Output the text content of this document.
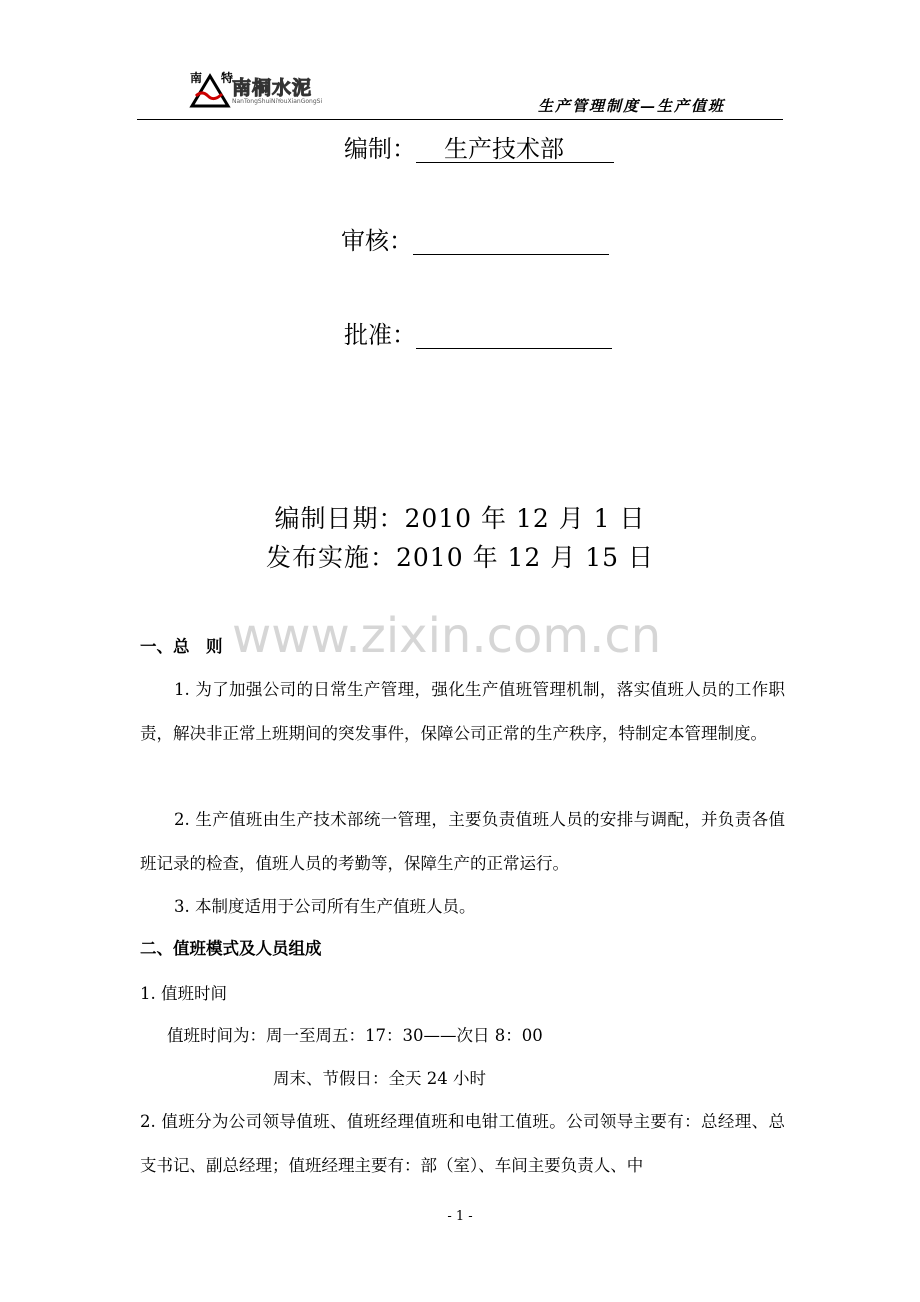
南 特
南桐水泥
NanTongShuiNiYouXianGongSi	生产管理制度—生产值班
编制： 生产技术部
审核：
批准：
编制日期：2010 年 12 月 1 日
发布实施：2010 年 12 月 15 日
www.zixin.com.cn
一、总　则
1. 为了加强公司的日常生产管理，强化生产值班管理机制，落实值班人员的工作职责，解决非正常上班期间的突发事件，保障公司正常的生产秩序，特制定本管理制度。
2. 生产值班由生产技术部统一管理，主要负责值班人员的安排与调配，并负责各值班记录的检查，值班人员的考勤等，保障生产的正常运行。
3. 本制度适用于公司所有生产值班人员。
二、值班模式及人员组成
1. 值班时间
值班时间为：周一至周五：17：30——次日 8：00
周末、节假日：全天 24 小时
2. 值班分为公司领导值班、值班经理值班和电钳工值班。公司领导主要有：总经理、总支书记、副总经理；值班经理主要有：部（室）、车间主要负责人、中
- 1 -
